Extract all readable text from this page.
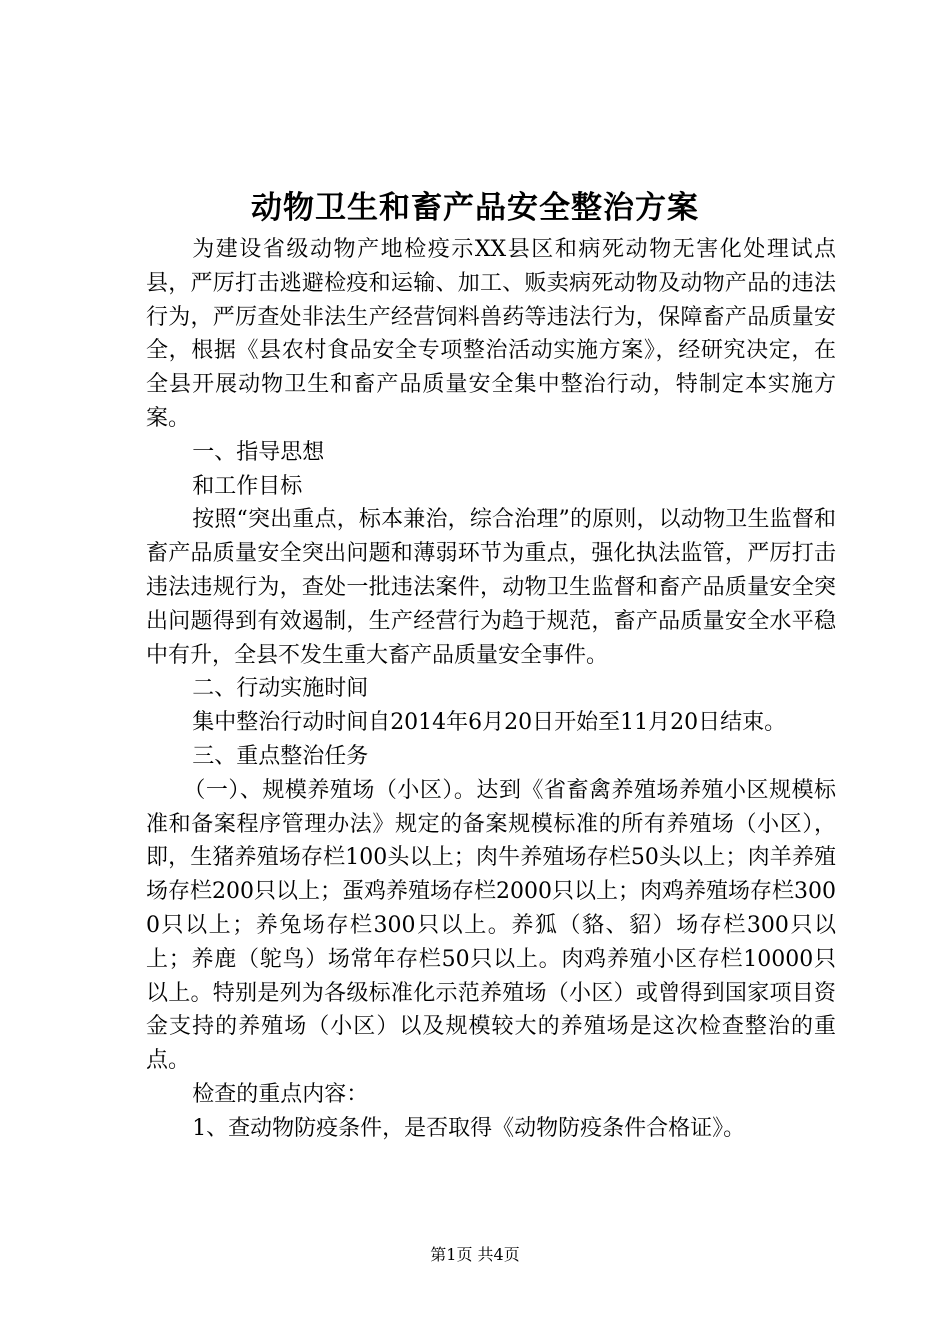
动物卫生和畜产品安全整治方案

为建设省级动物产地检疫示XX县区和病死动物无害化处理试点县，严厉打击逃避检疫和运输、加工、贩卖病死动物及动物产品的违法行为，严厉查处非法生产经营饲料兽药等违法行为，保障畜产品质量安全，根据《县农村食品安全专项整治活动实施方案》，经研究决定，在全县开展动物卫生和畜产品质量安全集中整治行动，特制定本实施方案。

一、指导思想

和工作目标

按照“突出重点，标本兼治，综合治理”的原则，以动物卫生监督和畜产品质量安全突出问题和薄弱环节为重点，强化执法监管，严厉打击违法违规行为，查处一批违法案件，动物卫生监督和畜产品质量安全突出问题得到有效遏制，生产经营行为趋于规范，畜产品质量安全水平稳中有升，全县不发生重大畜产品质量安全事件。

二、行动实施时间

集中整治行动时间自2014年6月20日开始至11月20日结束。

三、重点整治任务

（一）、规模养殖场（小区）。达到《省畜禽养殖场养殖小区规模标准和备案程序管理办法》规定的备案规模标准的所有养殖场（小区），即，生猪养殖场存栏100头以上；肉牛养殖场存栏50头以上；肉羊养殖场存栏200只以上；蛋鸡养殖场存栏2000只以上；肉鸡养殖场存栏3000只以上；养兔场存栏300只以上。养狐（貉、貂）场存栏300只以上；养鹿（鸵鸟）场常年存栏50只以上。肉鸡养殖小区存栏10000只以上。特别是列为各级标准化示范养殖场（小区）或曾得到国家项目资金支持的养殖场（小区）以及规模较大的养殖场是这次检查整治的重点。

检查的重点内容：

1、查动物防疫条件，是否取得《动物防疫条件合格证》。

第1页 共4页
